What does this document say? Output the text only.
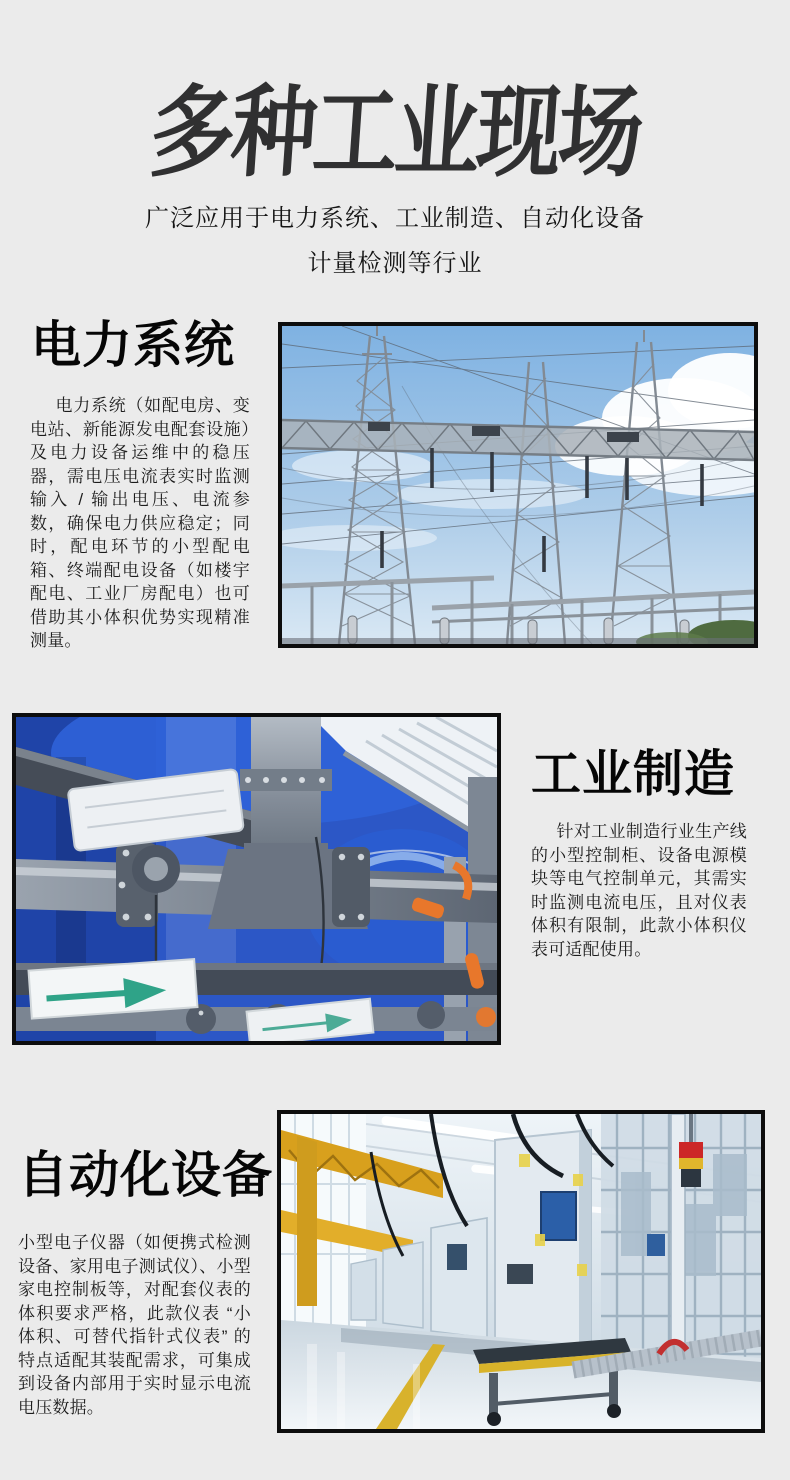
多种工业现场
广泛应用于电力系统、工业制造、自动化设备
计量检测等行业
电力系统
电力系统（如配电房、变电站、新能源发电配套设施）及电力设备运维中的稳压器，需电压电流表实时监测输入 / 输出电压、电流参数，确保电力供应稳定；同时，配电环节的小型配电箱、终端配电设备（如楼宇配电、工业厂房配电）也可借助其小体积优势实现精准测量。
工业制造
针对工业制造行业生产线的小型控制柜、设备电源模块等电气控制单元，其需实时监测电流电压，且对仪表体积有限制，此款小体积仪表可适配使用。
自动化设备
小型电子仪器（如便携式检测设备、家用电子测试仪）、小型家电控制板等，对配套仪表的体积要求严格，此款仪表 “小体积、可替代指针式仪表” 的特点适配其装配需求，可集成到设备内部用于实时显示电流电压数据。
